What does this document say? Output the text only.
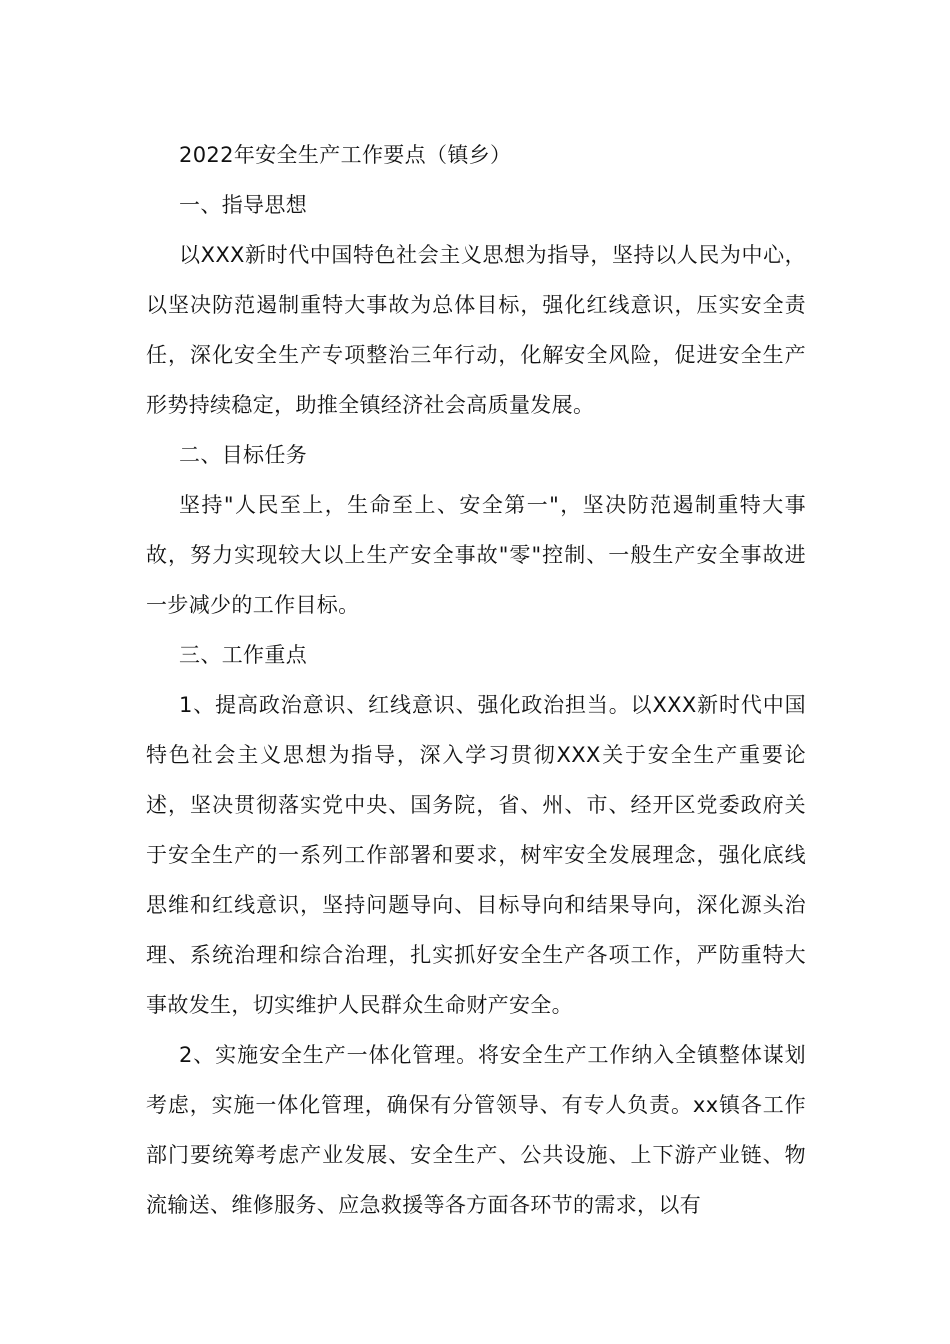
2022年安全生产工作要点（镇乡）

一、指导思想

以XXX新时代中国特色社会主义思想为指导，坚持以人民为中心，以坚决防范遏制重特大事故为总体目标，强化红线意识，压实安全责任，深化安全生产专项整治三年行动，化解安全风险，促进安全生产形势持续稳定，助推全镇经济社会高质量发展。

二、目标任务

坚持"人民至上，生命至上、安全第一"，坚决防范遏制重特大事故，努力实现较大以上生产安全事故"零"控制、一般生产安全事故进一步减少的工作目标。

三、工作重点

1、提高政治意识、红线意识、强化政治担当。以XXX新时代中国特色社会主义思想为指导，深入学习贯彻XXX关于安全生产重要论述，坚决贯彻落实党中央、国务院，省、州、市、经开区党委政府关于安全生产的一系列工作部署和要求，树牢安全发展理念，强化底线思维和红线意识，坚持问题导向、目标导向和结果导向，深化源头治理、系统治理和综合治理，扎实抓好安全生产各项工作，严防重特大事故发生，切实维护人民群众生命财产安全。

2、实施安全生产一体化管理。将安全生产工作纳入全镇整体谋划考虑，实施一体化管理，确保有分管领导、有专人负责。xx镇各工作部门要统筹考虑产业发展、安全生产、公共设施、上下游产业链、物流输送、维修服务、应急救援等各方面各环节的需求，以有
